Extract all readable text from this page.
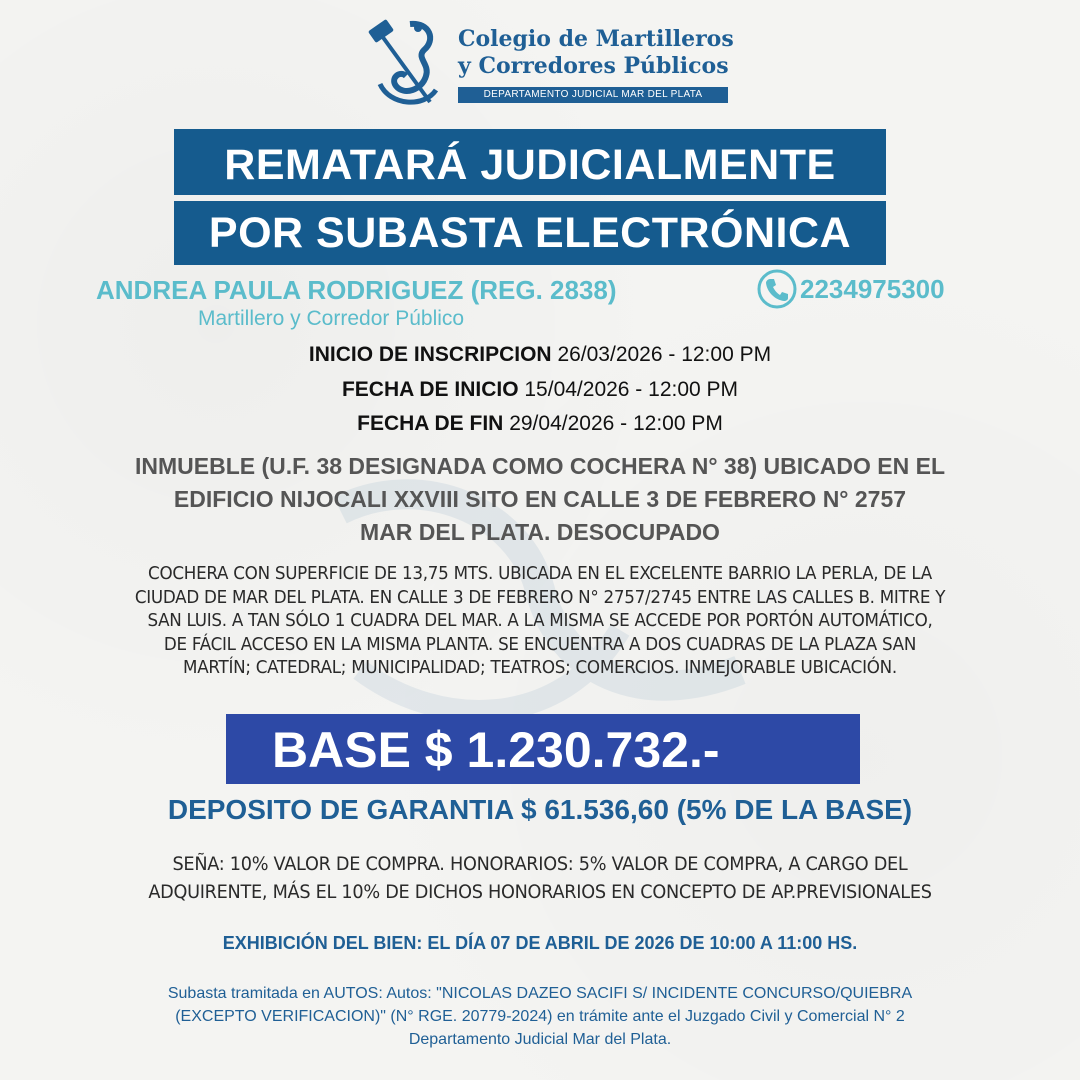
Colegio de Martilleros
y Corredores Públicos
DEPARTAMENTO JUDICIAL MAR DEL PLATA
REMATARÁ JUDICIALMENTE
POR SUBASTA ELECTRÓNICA
ANDREA PAULA RODRIGUEZ (REG. 2838)
Martillero y Corredor Público
2234975300
INICIO DE INSCRIPCION 26/03/2026 - 12:00 PM
FECHA DE INICIO 15/04/2026 - 12:00 PM
FECHA DE FIN 29/04/2026 - 12:00 PM
INMUEBLE (U.F. 38 DESIGNADA COMO COCHERA N° 38) UBICADO EN EL
EDIFICIO NIJOCALI XXVIII SITO EN CALLE 3 DE FEBRERO N° 2757
MAR DEL PLATA. DESOCUPADO
COCHERA CON SUPERFICIE DE 13,75 MTS. UBICADA EN EL EXCELENTE BARRIO LA PERLA, DE LA
CIUDAD DE MAR DEL PLATA. EN CALLE 3 DE FEBRERO N° 2757/2745 ENTRE LAS CALLES B. MITRE Y
SAN LUIS. A TAN SÓLO 1 CUADRA DEL MAR. A LA MISMA SE ACCEDE POR PORTÓN AUTOMÁTICO,
DE FÁCIL ACCESO EN LA MISMA PLANTA. SE ENCUENTRA A DOS CUADRAS DE LA PLAZA SAN
MARTÍN; CATEDRAL; MUNICIPALIDAD; TEATROS; COMERCIOS. INMEJORABLE UBICACIÓN.
BASE $ 1.230.732.-
DEPOSITO DE GARANTIA $ 61.536,60 (5% DE LA BASE)
SEÑA: 10% VALOR DE COMPRA. HONORARIOS: 5% VALOR DE COMPRA, A CARGO DEL
ADQUIRENTE, MÁS EL 10% DE DICHOS HONORARIOS EN CONCEPTO DE AP.PREVISIONALES
EXHIBICIÓN DEL BIEN: EL DÍA 07 DE ABRIL DE 2026 DE 10:00 A 11:00 HS.
Subasta tramitada en AUTOS: Autos: "NICOLAS DAZEO SACIFI S/ INCIDENTE CONCURSO/QUIEBRA
(EXCEPTO VERIFICACION)" (N° RGE. 20779-2024) en trámite ante el Juzgado Civil y Comercial N° 2
Departamento Judicial Mar del Plata.
